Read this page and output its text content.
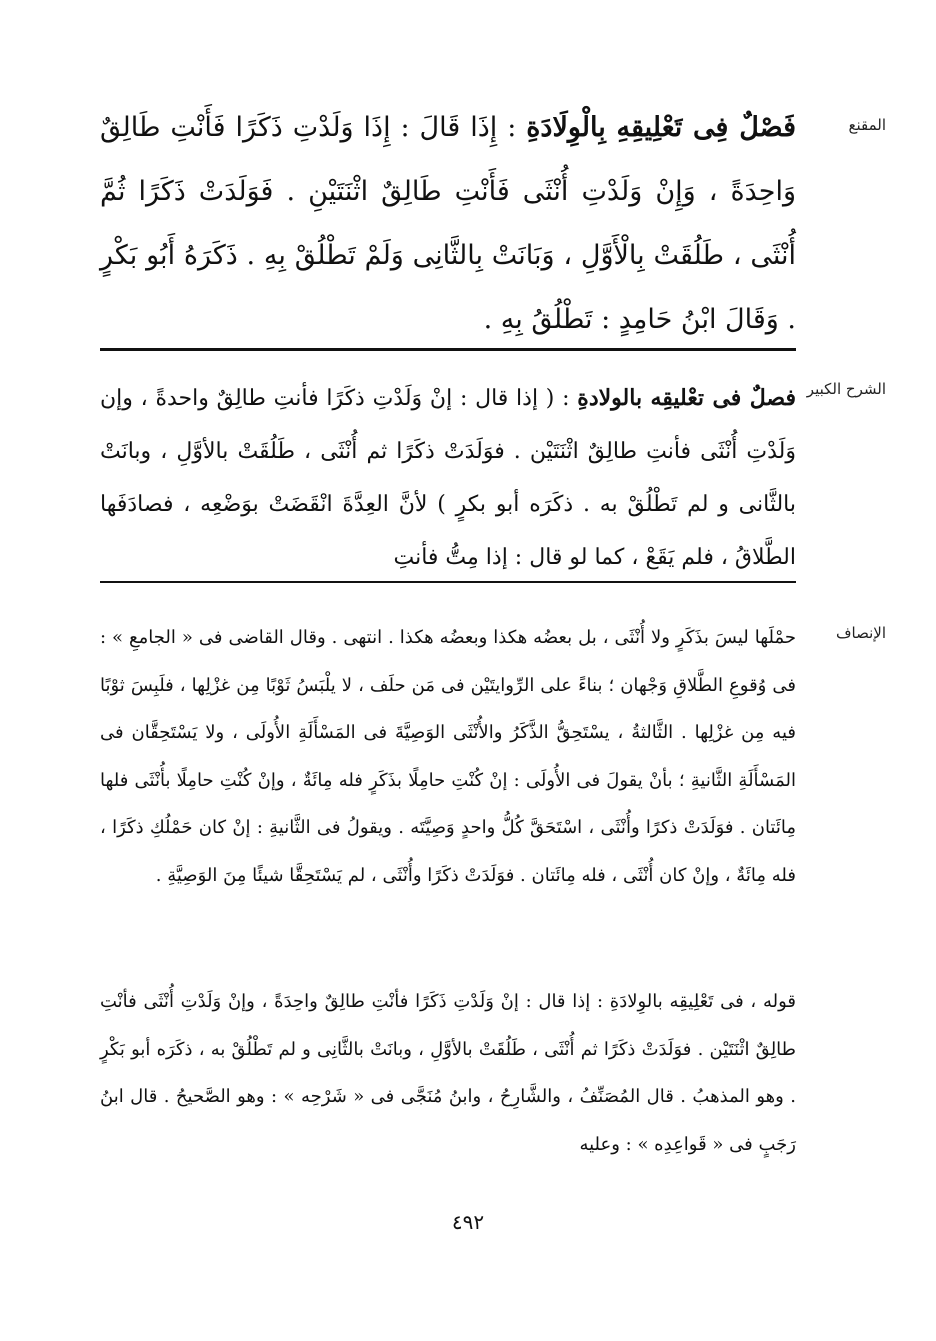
المقنع

فَصْلٌ فِى تَعْلِيقِهِ بِالْوِلَادَةِ : إِذَا قَالَ : إِذَا وَلَدْتِ ذَكَرًا فَأَنْتِ طَالِقٌ وَاحِدَةً ، وَإِنْ وَلَدْتِ أُنْثَى فَأَنْتِ طَالِقٌ اثْنَتَيْنِ . فَوَلَدَتْ ذَكَرًا ثُمَّ أُنْثَى ، طَلُقَتْ بِالْأَوَّلِ ، وَبَانَتْ بِالثَّانِى وَلَمْ تَطْلُقْ بِهِ . ذَكَرَهُ أَبُو بَكْرٍ . وَقَالَ ابْنُ حَامِدٍ : تَطْلُقُ بِهِ .

الشرح الكبير

فصلٌ فى تعْليقِه بالولادةِ : ( إذا قال : إنْ وَلَدْتِ ذكَرًا فأنتِ طالِقٌ واحدةً ، وإن وَلَدْتِ أُنْثَى فأنتِ طالِقٌ اثْنَتَيْن . فوَلَدَتْ ذكَرًا ثم أُنْثَى ، طَلُقَتْ بالأوَّلِ ، وبانَتْ بالثَّانى و لم تَطْلُقْ به . ذكَرَه أبو بكرٍ ) لأنَّ العِدَّةَ انْقَضَتْ بوَضْعِه ، فصادَفَها الطَّلاقُ ، فلم يَقَعْ ، كما لو قال : إذا مِتُّ فأنتِ

الإنصاف

حمْلَها ليسَ بذَكَرٍ ولا أُنْثَى ، بل بعضُه هكذا وبعضُه هكذا . انتهى . وقال القاضى فى « الجامعِ » : فى وُقوعِ الطَّلاقِ وَجْهان ؛ بناءً على الرِّوايتَيْن فى مَن حلَف ، لا يلْبَسُ ثَوْبًا مِن غزْلِها ، فلَبِسَ ثوْبًا فيه مِن غزْلِها . الثَّالثةُ ، يسْتَحِقُّ الذَّكَرُ والأُنْثَى الوَصِيَّةَ فى المَسْأَلَةِ الأُولَى ، ولا يَسْتَحِقَّان فى المَسْأَلَةِ الثَّانيةِ ؛ بأنْ يقولَ فى الأُولَى : إنْ كُنْتِ حامِلًا بذَكَرٍ فله مِائَةٌ ، وإنْ كُنْتِ حامِلًا بأُنْثَى فلها مِائَتان . فوَلَدَتْ ذكرًا وأُنْثَى ، اسْتَحَقَّ كُلُّ واحدٍ وَصِيَّتَه . ويقولُ فى الثَّانيةِ : إنْ كان حَمْلُكِ ذكَرًا ، فله مِائَةٌ ، وإنْ كان أُنْثَى ، فله مِائَتان . فوَلَدَتْ ذكَرًا وأُنْثَى ، لم يَسْتَحِقَّا شيئًا مِنَ الوَصِيَّةِ .

قوله ، فى تَعْلِيقِه بالوِلادَةِ : إذا قال : إنْ وَلَدْتِ ذَكَرًا فأنْتِ طالِقٌ واحِدَةً ، وإنْ وَلَدْتِ أُنْثَى فأنْتِ طالِقٌ اثْنَتَيْن . فوَلَدَتْ ذكَرًا ثم أُنْثَى ، طَلُقَتْ بالأوَّلِ ، وبانَتْ بالثَّانِى و لم تَطْلُقْ به ، ذكَرَه أبو بَكْرٍ . وهو المذهبُ . قال المُصَنِّفُ ، والشَّارِحُ ، وابنُ مُنَجَّى فى « شَرْحِه » : وهو الصَّحيحُ . قال ابنُ رَجَبٍ فى « قَواعِدِه » : وعليه

٤٩٢
